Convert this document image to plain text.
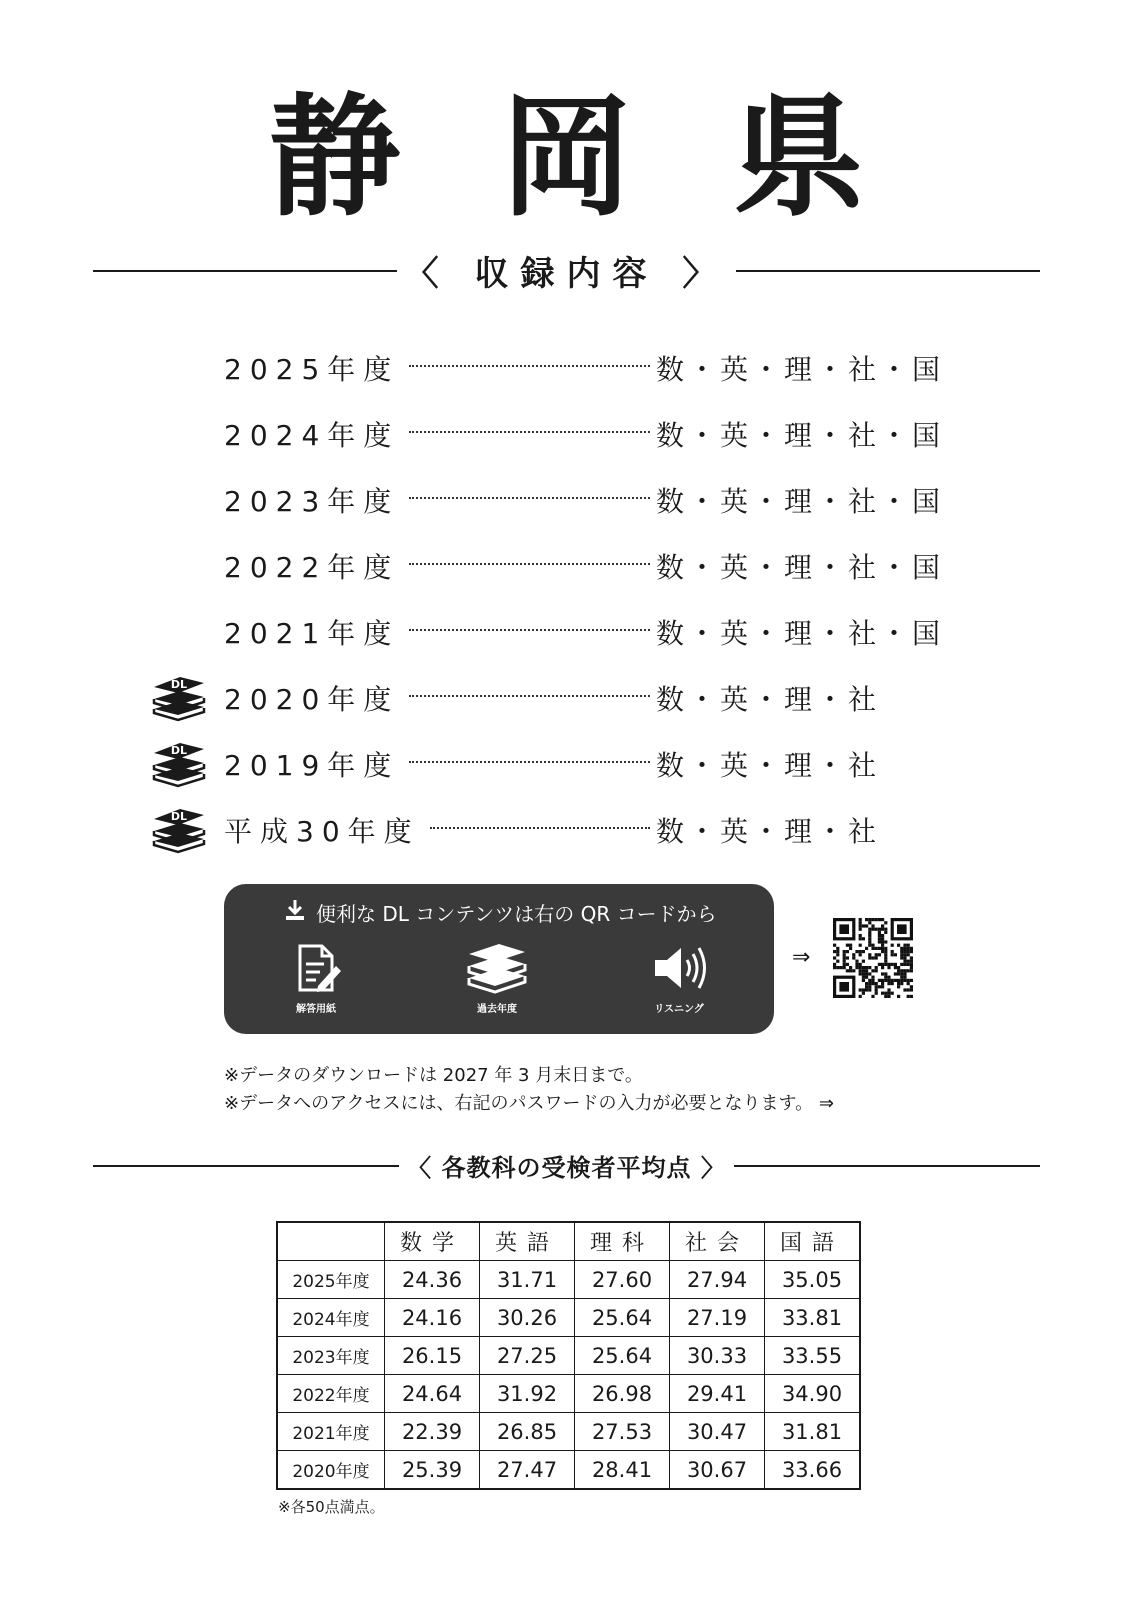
静岡県
〈 収録内容 〉
2025年度	数・英・理・社・国
2024年度	数・英・理・社・国
2023年度	数・英・理・社・国
2022年度	数・英・理・社・国
2021年度	数・英・理・社・国
DL 2020年度	数・英・理・社
DL 2019年度	数・英・理・社
DL 平成30年度	数・英・理・社
便利な DL コンテンツは右の QR コードから
解答用紙	過去年度	リスニング
⇒
※データのダウンロードは 2027 年 3 月末日まで。
※データへのアクセスには、右記のパスワードの入力が必要となります。 ⇒
〈 各教科の受検者平均点 〉
	数学	英語	理科	社会	国語
2025年度	24.36	31.71	27.60	27.94	35.05
2024年度	24.16	30.26	25.64	27.19	33.81
2023年度	26.15	27.25	25.64	30.33	33.55
2022年度	24.64	31.92	26.98	29.41	34.90
2021年度	22.39	26.85	27.53	30.47	31.81
2020年度	25.39	27.47	28.41	30.67	33.66
※各50点満点。
